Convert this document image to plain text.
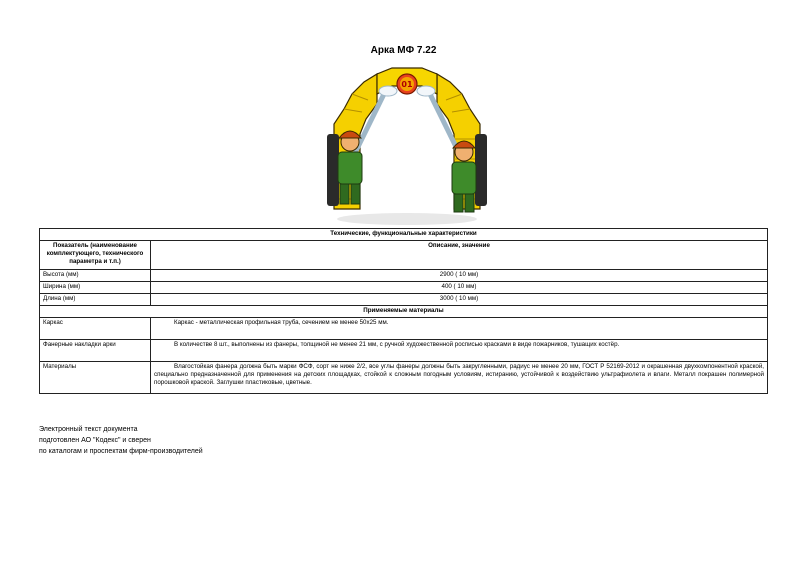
Арка МФ 7.22
01
Технические, функциональные характеристики	
Показатель (наименование комплектующего, технического параметра и т.п.)	Описание, значение
Высота (мм)	2900 ( 10 мм)
Ширина (мм)	400 ( 10 мм)
Длина (мм)	3000 ( 10 мм)
Применяемые материалы	
Каркас	Каркас - металлическая профильная труба, сечением не менее 50х25 мм.
Фанерные накладки арки	В количестве 8 шт., выполнены из фанеры, толщиной не менее 21 мм, с ручной художественной росписью красками в виде пожарников, тушащих костёр.
Материалы	Влагостойкая фанера должна быть марки ФСФ, сорт не ниже 2/2, все углы фанеры должны быть закругленными, радиус не менее 20 мм, ГОСТ Р 52169-2012 и окрашенная двухкомпонентной краской, специально предназначенной для применения на детских площадках, стойкой к сложным погодным условиям, истиранию, устойчивой к воздействию ультрафиолета и влаги. Металл покрашен полимерной порошковой краской. Заглушки пластиковые, цветные.
Электронный текст документа
подготовлен АО "Кодекс" и сверен
по каталогам и проспектам фирм-производителей
